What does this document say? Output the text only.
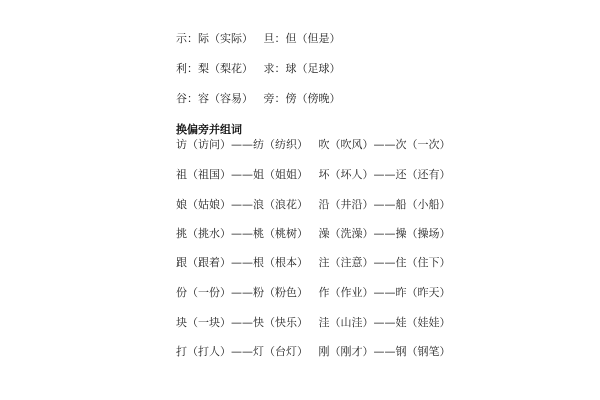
示：际（实际）   旦：但（但是）
利：梨（梨花）   求：球（足球）
谷：容（容易）   旁：傍（傍晚）
换偏旁并组词
访（访问）——纺（纺织）   吹（吹风）——次（一次）
祖（祖国）——姐（姐姐）   坏（坏人）——还（还有）
娘（姑娘）——浪（浪花）   沿（井沿）——船（小船）
挑（挑水）——桃（桃树）   澡（洗澡）——操（操场）
跟（跟着）——根（根本）   注（注意）——住（住下）
份（一份）——粉（粉色）   作（作业）——昨（昨天）
块（一块）——快（快乐）   洼（山洼）——娃（娃娃）
打（打人）——灯（台灯）   刚（刚才）——钢（钢笔）
